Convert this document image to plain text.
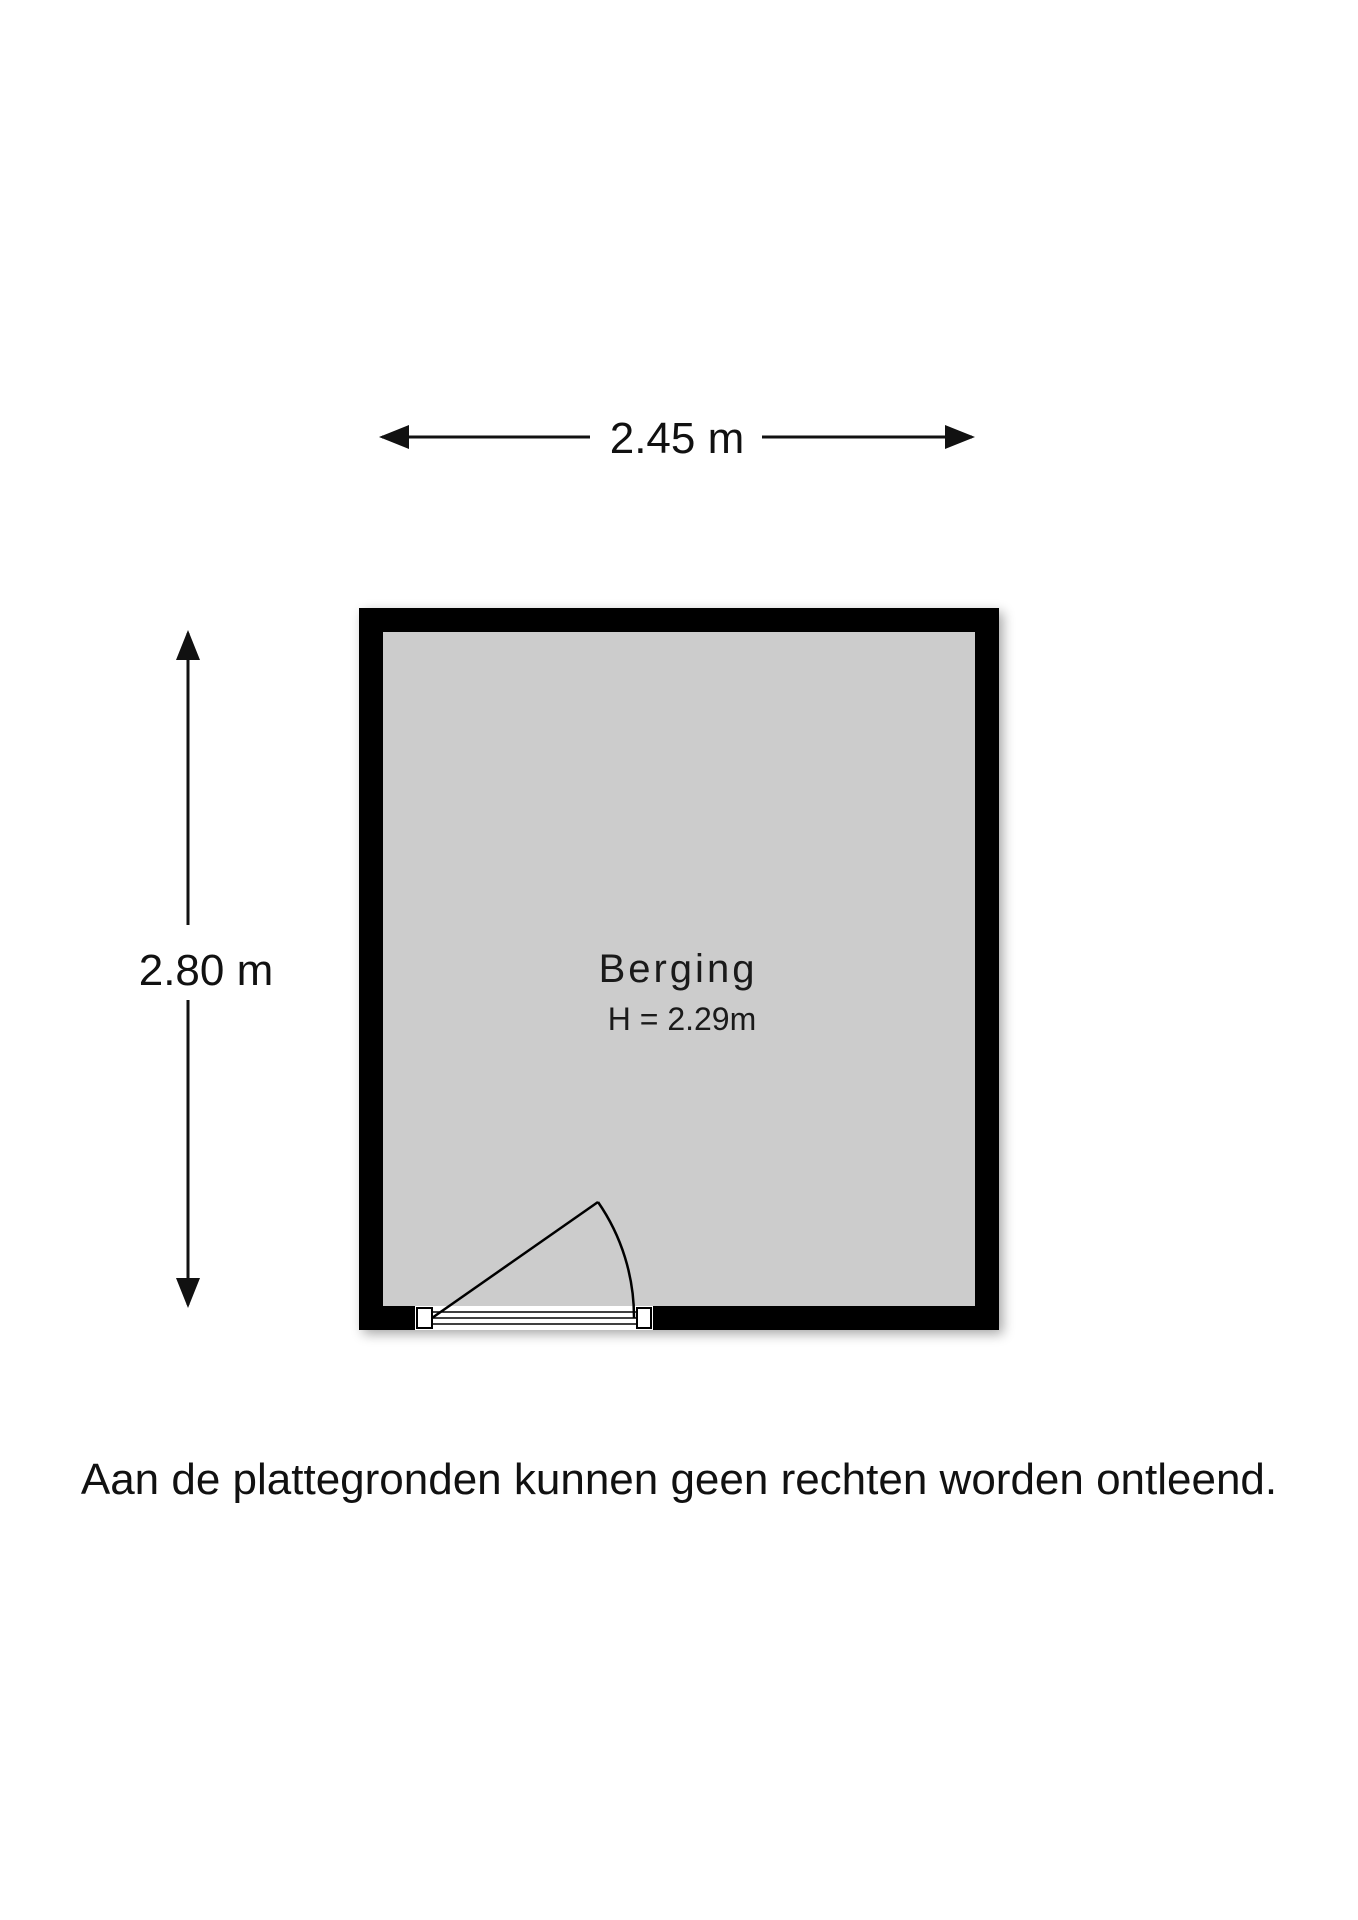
2.45 m
2.80 m	Berging
H = 2.29m
Aan de plattegronden kunnen geen rechten worden ontleend.
